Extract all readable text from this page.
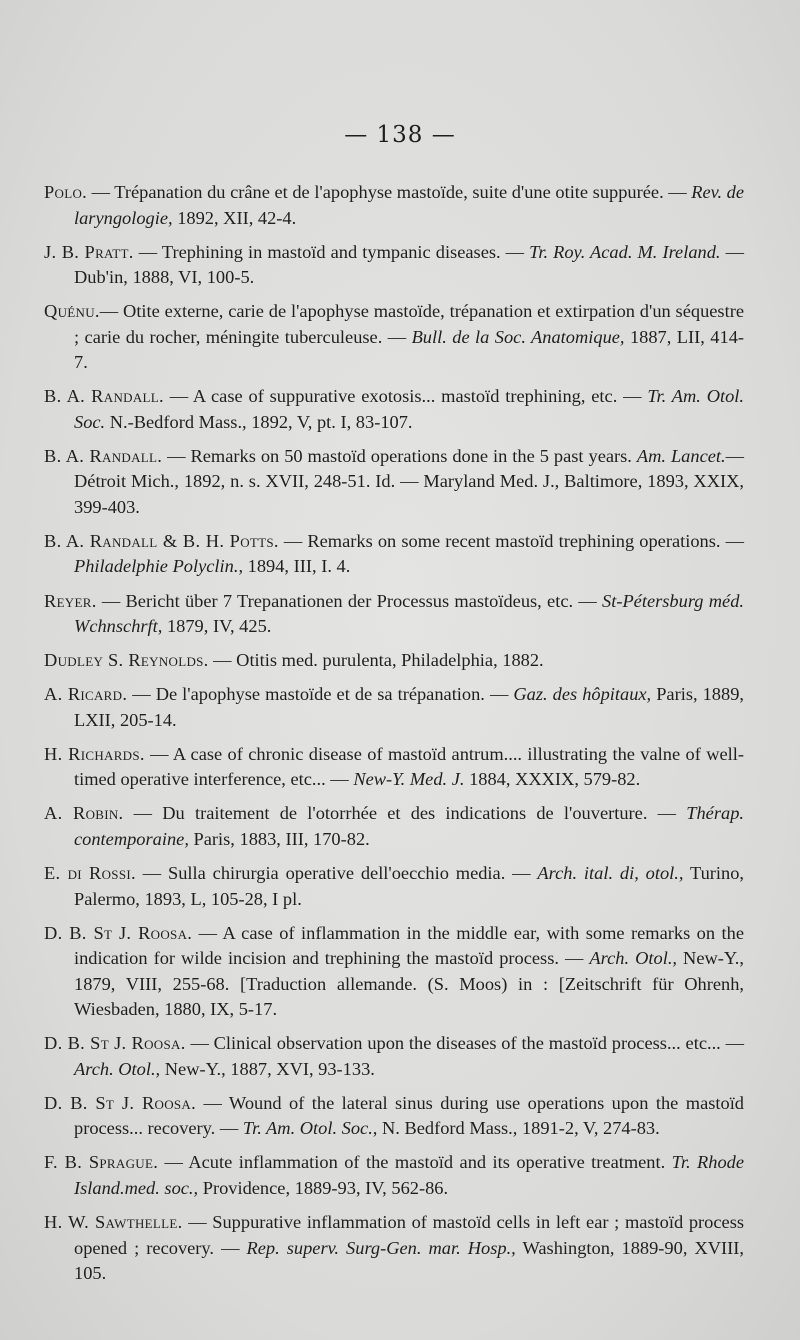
— 138 —

Polo. — Trépanation du crâne et de l'apophyse mastoïde, suite d'une otite suppurée. — Rev. de laryngologie, 1892, XII, 42-4.

J. B. Pratt. — Trephining in mastoïd and tympanic diseases. — Tr. Roy. Acad. M. Ireland. — Dub'in, 1888, VI, 100-5.

Quénu.— Otite externe, carie de l'apophyse mastoïde, trépanation et extirpation d'un séquestre ; carie du rocher, méningite tuberculeuse. — Bull. de la Soc. Anatomique, 1887, LII, 414-7.

B. A. Randall. — A case of suppurative exotosis... mastoïd trephining, etc. — Tr. Am. Otol. Soc. N.-Bedford Mass., 1892, V, pt. I, 83-107.

B. A. Randall. — Remarks on 50 mastoïd operations done in the 5 past years. Am. Lancet.— Détroit Mich., 1892, n. s. XVII, 248-51. Id. — Maryland Med. J., Baltimore, 1893, XXIX, 399-403.

B. A. Randall & B. H. Potts. — Remarks on some recent mastoïd trephining operations. — Philadelphie Polyclin., 1894, III, I. 4.

Reyer. — Bericht über 7 Trepanationen der Processus mastoïdeus, etc. — St-Pétersburg méd. Wchnschrft, 1879, IV, 425.

Dudley S. Reynolds. — Otitis med. purulenta, Philadelphia, 1882.

A. Ricard. — De l'apophyse mastoïde et de sa trépanation. — Gaz. des hôpitaux, Paris, 1889, LXII, 205-14.

H. Richards. — A case of chronic disease of mastoïd antrum.... illustrating the valne of well-timed operative interference, etc... — New-Y. Med. J. 1884, XXXIX, 579-82.

A. Robin. — Du traitement de l'otorrhée et des indications de l'ouverture. — Thérap. contemporaine, Paris, 1883, III, 170-82.

E. di Rossi. — Sulla chirurgia operative dell'oecchio media. — Arch. ital. di, otol., Turino, Palermo, 1893, L, 105-28, I pl.

D. B. St J. Roosa. — A case of inflammation in the middle ear, with some remarks on the indication for wilde incision and trephining the mastoïd process. — Arch. Otol., New-Y., 1879, VIII, 255-68. [Traduction allemande. (S. Moos) in : [Zeitschrift für Ohrenh, Wiesbaden, 1880, IX, 5-17.

D. B. St J. Roosa. — Clinical observation upon the diseases of the mastoïd process... etc... — Arch. Otol., New-Y., 1887, XVI, 93-133.

D. B. St J. Roosa. — Wound of the lateral sinus during use operations upon the mastoïd process... recovery. — Tr. Am. Otol. Soc., N. Bedford Mass., 1891-2, V, 274-83.

F. B. Sprague. — Acute inflammation of the mastoïd and its operative treatment. Tr. Rhode Island.med. soc., Providence, 1889-93, IV, 562-86.

H. W. Sawthelle. — Suppurative inflammation of mastoïd cells in left ear ; mastoïd process opened ; recovery. — Rep. superv. Surg-Gen. mar. Hosp., Washington, 1889-90, XVIII, 105.
